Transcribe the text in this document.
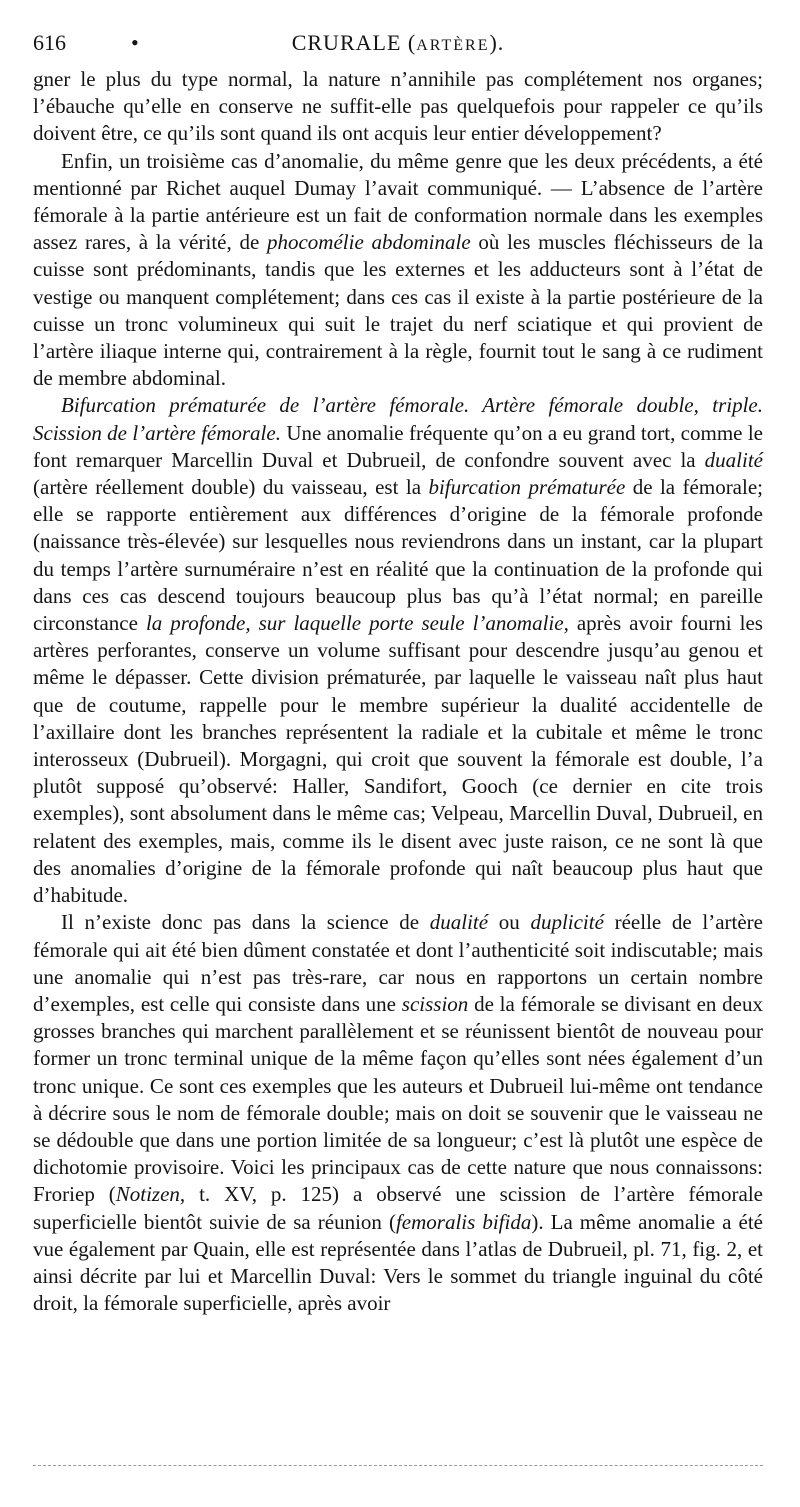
616	•	CRURALE (ARTÈRE).

gner le plus du type normal, la nature n’annihile pas complétement nos organes; l’ébauche qu’elle en conserve ne suffit-elle pas quelquefois pour rappeler ce qu’ils doivent être, ce qu’ils sont quand ils ont acquis leur entier développement?

Enfin, un troisième cas d’anomalie, du même genre que les deux précédents, a été mentionné par Richet auquel Dumay l’avait communiqué. — L’absence de l’artère fémorale à la partie antérieure est un fait de conformation normale dans les exemples assez rares, à la vérité, de phocomélie abdominale où les muscles fléchisseurs de la cuisse sont prédominants, tandis que les externes et les adducteurs sont à l’état de vestige ou manquent complétement; dans ces cas il existe à la partie postérieure de la cuisse un tronc volumineux qui suit le trajet du nerf sciatique et qui provient de l’artère iliaque interne qui, contrairement à la règle, fournit tout le sang à ce rudiment de membre abdominal.

Bifurcation prématurée de l’artère fémorale. Artère fémorale double, triple. Scission de l’artère fémorale. Une anomalie fréquente qu’on a eu grand tort, comme le font remarquer Marcellin Duval et Dubrueil, de confondre souvent avec la dualité (artère réellement double) du vaisseau, est la bifurcation prématurée de la fémorale; elle se rapporte entièrement aux différences d’origine de la fémorale profonde (naissance très-élevée) sur lesquelles nous reviendrons dans un instant, car la plupart du temps l’artère surnuméraire n’est en réalité que la continuation de la profonde qui dans ces cas descend toujours beaucoup plus bas qu’à l’état normal; en pareille circonstance la profonde, sur laquelle porte seule l’anomalie, après avoir fourni les artères perforantes, conserve un volume suffisant pour descendre jusqu’au genou et même le dépasser. Cette division prématurée, par laquelle le vaisseau naît plus haut que de coutume, rappelle pour le membre supérieur la dualité accidentelle de l’axillaire dont les branches représentent la radiale et la cubitale et même le tronc interosseux (Dubrueil). Morgagni, qui croit que souvent la fémorale est double, l’a plutôt supposé qu’observé: Haller, Sandifort, Gooch (ce dernier en cite trois exemples), sont absolument dans le même cas; Velpeau, Marcellin Duval, Dubrueil, en relatent des exemples, mais, comme ils le disent avec juste raison, ce ne sont là que des anomalies d’origine de la fémorale profonde qui naît beaucoup plus haut que d’habitude.

Il n’existe donc pas dans la science de dualité ou duplicité réelle de l’artère fémorale qui ait été bien dûment constatée et dont l’authenticité soit indiscutable; mais une anomalie qui n’est pas très-rare, car nous en rapportons un certain nombre d’exemples, est celle qui consiste dans une scission de la fémorale se divisant en deux grosses branches qui marchent parallèlement et se réunissent bientôt de nouveau pour former un tronc terminal unique de la même façon qu’elles sont nées également d’un tronc unique. Ce sont ces exemples que les auteurs et Dubrueil lui-même ont tendance à décrire sous le nom de fémorale double; mais on doit se souvenir que le vaisseau ne se dédouble que dans une portion limitée de sa longueur; c’est là plutôt une espèce de dichotomie provisoire. Voici les principaux cas de cette nature que nous connaissons: Froriep (Notizen, t. XV, p. 125) a observé une scission de l’artère fémorale superficielle bientôt suivie de sa réunion (femoralis bifida). La même anomalie a été vue également par Quain, elle est représentée dans l’atlas de Dubrueil, pl. 71, fig. 2, et ainsi décrite par lui et Marcellin Duval: Vers le sommet du triangle inguinal du côté droit, la fémorale superficielle, après avoir
